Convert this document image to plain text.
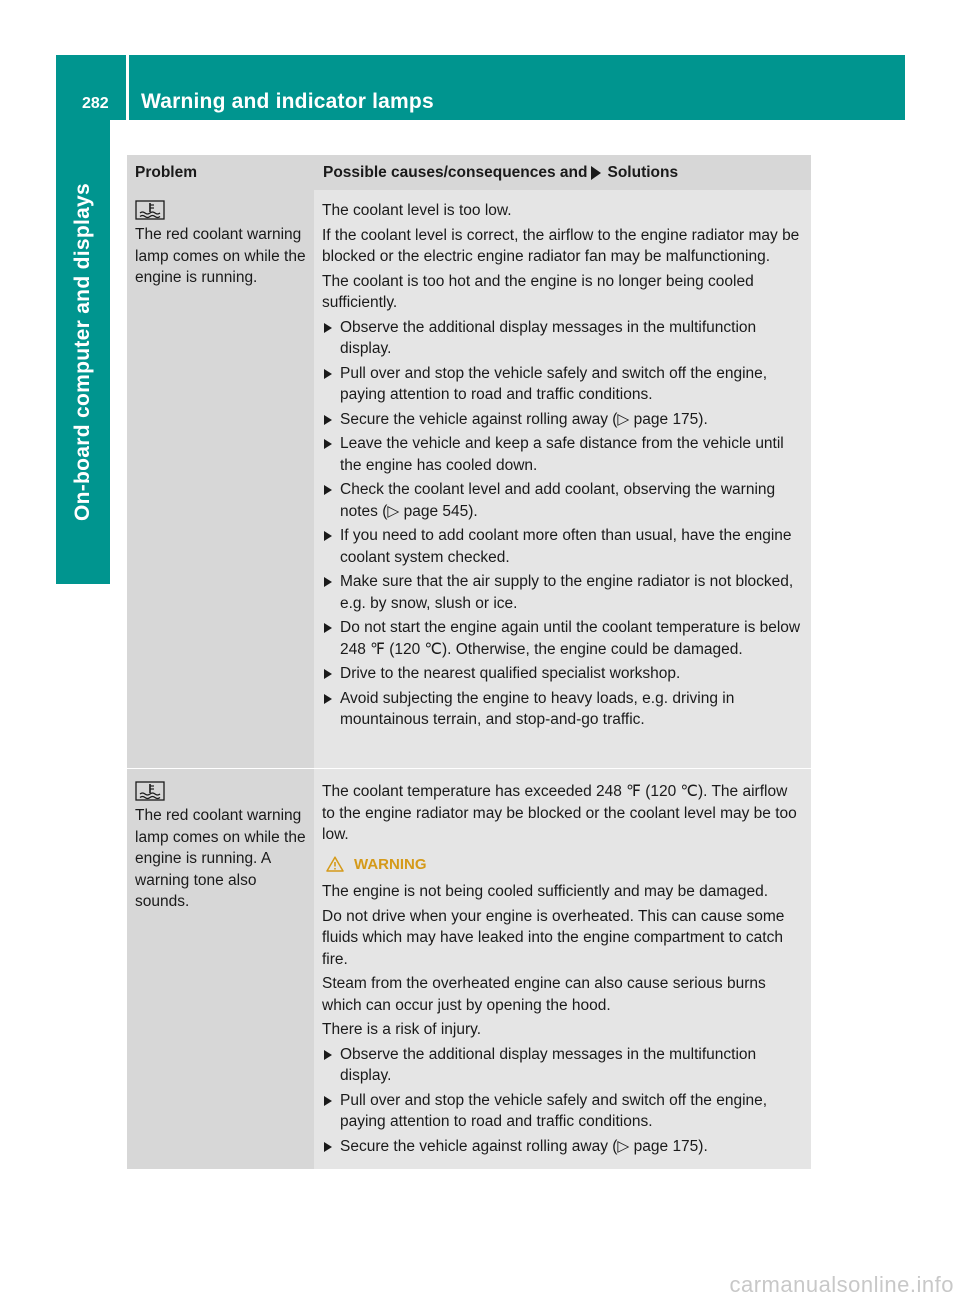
282 Warning and indicator lamps
On-board computer and displays
Problem	Possible causes/consequences and Solutions
The red coolant warning lamp comes on while the engine is running.

The coolant level is too low.

If the coolant level is correct, the airflow to the engine radiator may be blocked or the electric engine radiator fan may be malfunctioning.

The coolant is too hot and the engine is no longer being cooled sufficiently.

Observe the additional display messages in the multifunction display.
Pull over and stop the vehicle safely and switch off the engine, paying attention to road and traffic conditions.
Secure the vehicle against rolling away (▷ page 175).
Leave the vehicle and keep a safe distance from the vehicle until the engine has cooled down.
Check the coolant level and add coolant, observing the warning notes (▷ page 545).
If you need to add coolant more often than usual, have the engine coolant system checked.
Make sure that the air supply to the engine radiator is not blocked, e.g. by snow, slush or ice.
Do not start the engine again until the coolant temperature is below 248 ℉ (120 ℃). Otherwise, the engine could be damaged.
Drive to the nearest qualified specialist workshop.
Avoid subjecting the engine to heavy loads, e.g. driving in mountainous terrain, and stop-and-go traffic.
The red coolant warning lamp comes on while the engine is running. A warning tone also sounds.

The coolant temperature has exceeded 248 ℉ (120 ℃). The airflow to the engine radiator may be blocked or the coolant level may be too low.

WARNING

The engine is not being cooled sufficiently and may be damaged.

Do not drive when your engine is overheated. This can cause some fluids which may have leaked into the engine compartment to catch fire.

Steam from the overheated engine can also cause serious burns which can occur just by opening the hood.

There is a risk of injury.

Observe the additional display messages in the multifunction display.
Pull over and stop the vehicle safely and switch off the engine, paying attention to road and traffic conditions.
Secure the vehicle against rolling away (▷ page 175).
carmanualsonline.info
